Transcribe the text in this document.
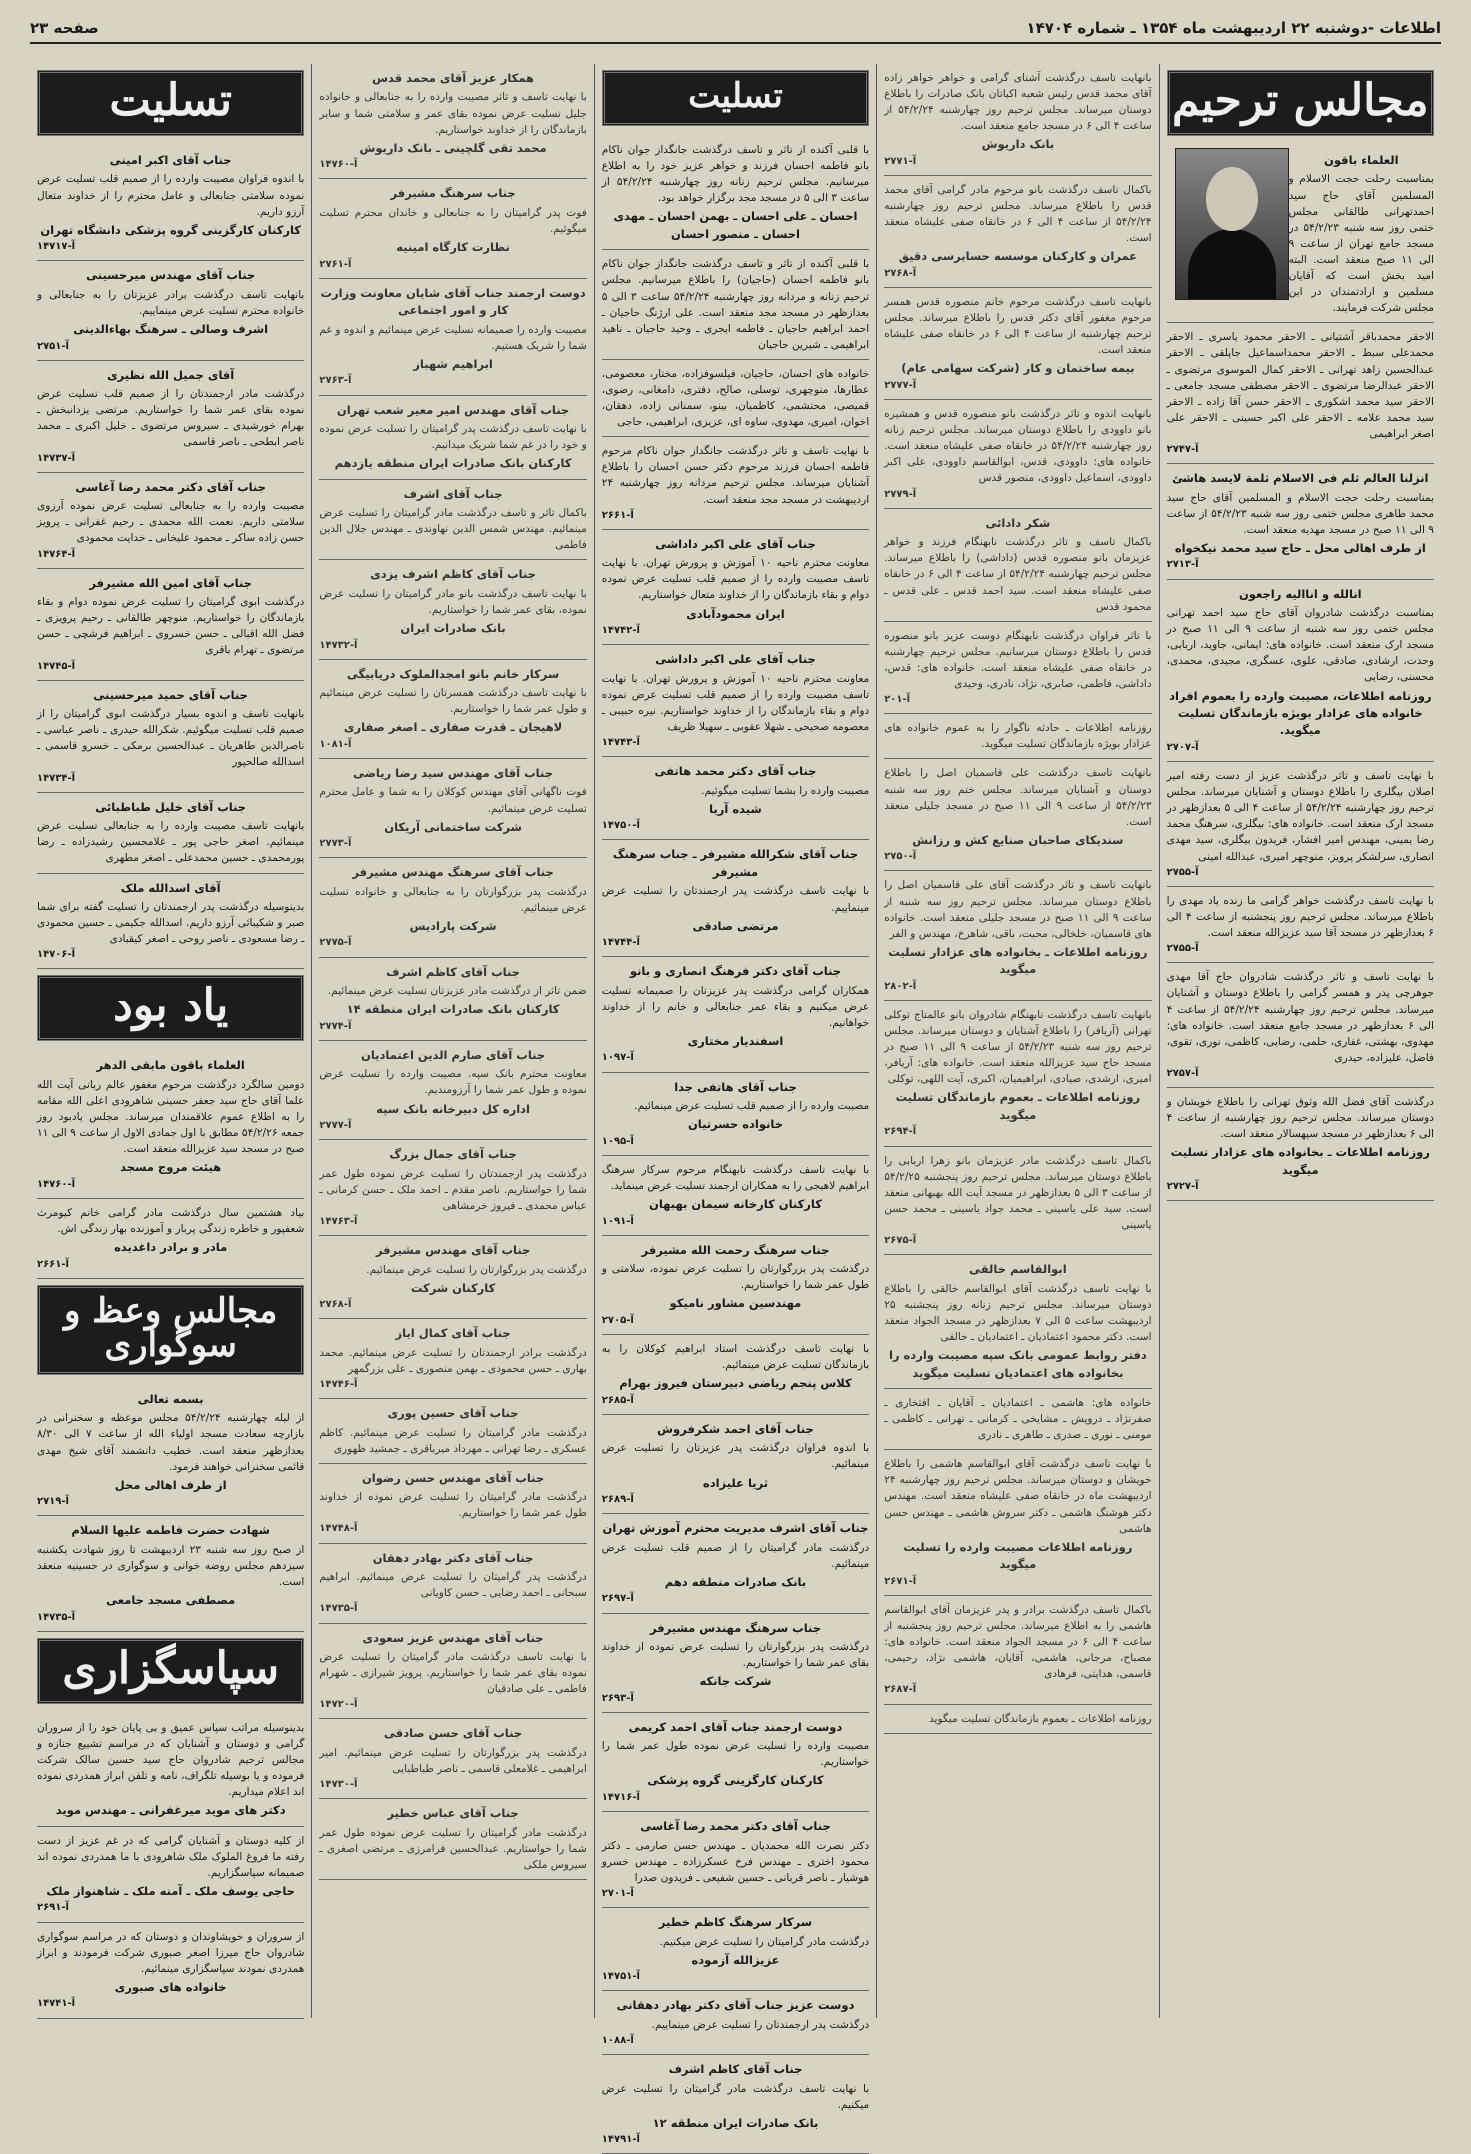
اطلاعات -دوشنبه ۲۲ اردیبهشت ماه ۱۳۵۴ ـ شماره ۱۴۷۰۴
صفحه ۲۳
مجالس ترحیم
العلماء باقون

بمناسبت رحلت حجت الاسلام و المسلمین آقای حاج سید احمدتهرانی طالقانی مجلس ختمی روز سه شنبه ۵۴/۲/۲۳ در مسجد جامع تهران از ساعت ۹ الی ۱۱ صبح منعقد است. البته امید بخش است که آقایان مسلمین و ارادتمندان در این مجلس شرکت فرمایند.

الاحقر محمدباقر آشتیانی ـ الاحقر محمود یاسری ـ الاحقر محمدعلی سبط ـ الاحقر محمداسماعیل جاپلقی ـ الاحقر عبدالحسین زاهد تهرانی ـ الاحقر کمال الموسوی مرتضوی ـ الاحقر عبدالرضا مرتضوی ـ الاحقر مصطفی مسجد جامعی ـ الاحقر سید محمد اشکوری ـ الاحقر حسن آقا زاده ـ الاحقر سید محمد علامه ـ الاحقر علی اکبر حسینی ـ الاحقر علی اصغر ابراهیمی

آ-۲۷۴۷
انزلنا العالم ثلم فی الاسلام ثلمة لایسد هاشئ

بمناسبت رحلت حجت الاسلام و المسلمین آقای حاج سید محمد طاهری مجلس ختمی روز سه شنبه ۵۴/۲/۲۳ از ساعت ۹ الی ۱۱ صبح در مسجد مهدیه منعقد است.

از طرف اهالی محل ـ حاج سید محمد نیکخواه
آ-۲۷۱۳
انالله و اناالیه راجعون

بمناسبت درگذشت شادروان آقای حاج سید احمد تهرانی مجلس ختمی روز سه شنبه از ساعت ۹ الی ۱۱ صبح در مسجد ارک منعقد است. خانواده های: ایمانی، جاوید، اربابی، وحدت، ارشادی، صادقی، علوی، عسگری، مجیدی، محمدی، محسنی، رضایی

روزنامه اطلاعات، مصیبت وارده را بعموم افراد خانواده های عزادار بویژه بازماندگان تسلیت میگوید.
آ-۲۷۰۷

با نهایت تاسف و تاثر درگذشت عزیز از دست رفته امیر اصلان بیگلری را باطلاع دوستان و آشنایان میرساند. مجلس ترحیم روز چهارشنبه ۵۴/۲/۲۴ از ساعت ۴ الی ۵ بعدازظهر در مسجد ارک منعقد است. خانواده های: بیگلری، سرهنگ محمد رضا یمینی، مهندس امیر افشار، فریدون بیگلری، سید مهدی انصاری، سرلشکر پرویز، منوچهر امیری، عبدالله امینی

آ-۲۷۵۵

با نهایت تاسف درگذشت خواهر گرامی ما زنده یاد مهدی را باطلاع میرساند. مجلس ترحیم روز پنجشنبه از ساعت ۴ الی ۶ بعدازظهر در مسجد آقا سید عزیزالله منعقد است.

آ-۲۷۵۵

با نهایت تاسف و تاثر درگذشت شادروان حاج آقا مهدی جوهرچی پدر و همسر گرامی را باطلاع دوستان و آشنایان میرساند. مجلس ترحیم روز چهارشنبه ۵۴/۲/۲۴ از ساعت ۴ الی ۶ بعدازظهر در مسجد جامع منعقد است. خانواده های: مهدوی، بهشتی، غفاری، حلمی، رضایی، کاظمی، نوری، تقوی، فاضل، علیزاده، حیدری

آ-۲۷۵۷

درگذشت آقای فضل الله وثوق تهرانی را باطلاع خویشان و دوستان میرساند. مجلس ترحیم روز چهارشنبه از ساعت ۴ الی ۶ بعدازظهر در مسجد سپهسالار منعقد است.

روزنامه اطلاعات ـ بخانواده های عزادار تسلیت میگوید
آ-۲۷۲۷

بانهایت تاسف درگذشت آشنای گرامی و خواهر خواهر زاده آقای محمد قدس رئیس شعبه اکباتان بانک صادرات را باطلاع دوستان میرساند. مجلس ترحیم روز چهارشنبه ۵۴/۲/۲۴ از ساعت ۴ الی ۶ در مسجد جامع منعقد است.

بانک داریوش
آ-۲۷۷۱

باکمال تاسف درگذشت بانو مرحوم مادر گرامی آقای محمد قدس را باطلاع میرساند. مجلس ترحیم روز چهارشنبه ۵۴/۲/۲۴ از ساعت ۴ الی ۶ در خانقاه صفی علیشاه منعقد است.

عمران و کارکنان موسسه حسابرسی دقیق
آ-۲۷۶۸

بانهایت تاسف درگذشت مرحوم خانم منصوره قدس همسر مرحوم مغفور آقای دکتر قدس را باطلاع میرساند. مجلس ترحیم چهارشنبه از ساعت ۴ الی ۶ در خانقاه صفی علیشاه منعقد است.

بیمه ساختمان و کار (شرکت سهامی عام)
آ-۲۷۷۷

بانهایت اندوه و تاثر درگذشت بانو منصوره قدس و همشیره بانو داوودی را باطلاع دوستان میرساند. مجلس ترحیم زنانه روز چهارشنبه ۵۴/۲/۲۴ در خانقاه صفی علیشاه منعقد است. خانواده های: داوودی، قدس، ابوالقاسم داوودی، علی اکبر داوودی، اسماعیل داوودی، منصور قدس

آ-۲۷۷۹
شکر دادائی

باکمال تاسف و تاثر درگذشت نابهنگام فرزند و خواهر عزیزمان بانو منصوره قدس (داداشی) را باطلاع میرساند. مجلس ترحیم چهارشنبه ۵۴/۲/۲۴ از ساعت ۴ الی ۶ در خانقاه صفی علیشاه منعقد است. سید احمد قدس ـ علی قدس ـ محمود قدس

با تاثر فراوان درگذشت نابهنگام دوست عزیز بانو منصوره قدس را باطلاع دوستان میرسانیم. مجلس ترحیم چهارشنبه در خانقاه صفی علیشاه منعقد است. خانواده های: قدس، داداشی، فاطمی، صابری، نژاد، نادری، وحیدی

آ-۲۰۱

روزنامه اطلاعات ـ حادثه ناگوار را به عموم خانواده های عزادار بویژه بازماندگان تسلیت میگوید.

بانهایت تاسف درگذشت علی قاسمیان اصل را باطلاع دوستان و آشنایان میرساند. مجلس ختم روز سه شنبه ۵۴/۲/۲۳ از ساعت ۹ الی ۱۱ صبح در مسجد جلیلی منعقد است.

سندیکای صاحبان صنایع کش و رزانش
آ-۲۷۵۰

بانهایت تاسف و تاثر درگذشت آقای علی قاسمیان اصل را باطلاع دوستان میرساند. مجلس ترحیم روز سه شنبه از ساعت ۹ الی ۱۱ صبح در مسجد جلیلی منعقد است. خانواده های قاسمیان، خلخالی، محبت، باقی، شاهرخ، مهندس و الفر

روزنامه اطلاعات ـ بخانواده های عزادار تسلیت میگوید
آ-۲۸۰۲

بانهایت تاسف درگذشت نابهنگام شادروان بانو عالمتاج توکلی تهرانی (آریافر) را باطلاع آشنایان و دوستان میرساند. مجلس ترحیم روز سه شنبه ۵۴/۲/۲۳ از ساعت ۹ الی ۱۱ صبح در مسجد حاج سید عزیزالله منعقد است. خانواده های: آریافر، امیری، ارشدی، صیادی، ابراهیمیان، اکبری، آیت اللهی، توکلی

روزنامه اطلاعات ـ بعموم بازماندگان تسلیت میگوید
آ-۲۶۹۴

باکمال تاسف درگذشت مادر عزیزمان بانو زهرا اربابی را باطلاع دوستان میرساند. مجلس ترحیم روز پنجشنبه ۵۴/۲/۲۵ از ساعت ۳ الی ۵ بعدازظهر در مسجد آیت الله بهبهانی منعقد است. سید علی یاسینی ـ محمد جواد یاسینی ـ محمد حسن یاسینی

آ-۲۶۷۵
ابوالقاسم خالقی

با نهایت تاسف درگذشت آقای ابوالقاسم خالقی را باطلاع دوستان میرساند. مجلس ترحیم زنانه روز پنجشنبه ۲۵ اردیبهشت ساعت ۵ الی ۷ بعدازظهر در مسجد الجواد منعقد است. دکتر محمود اعتمادیان ـ اعتمادیان ـ خالقی

دفتر روابط عمومی بانک سپه مصیبت وارده را بخانواده های اعتمادیان تسلیت میگوید

خانواده های: هاشمی ـ اعتمادیان ـ آقایان ـ افتخاری ـ صفرنژاد ـ درویش ـ مشایخی ـ کرمانی ـ تهرانی ـ کاظمی ـ مومنی ـ نوری ـ صدری ـ طاهری ـ نادری

با نهایت تاسف درگذشت آقای ابوالقاسم هاشمی را باطلاع خویشان و دوستان میرساند. مجلس ترحیم روز چهارشنبه ۲۴ اردیبهشت ماه در خانقاه صفی علیشاه منعقد است. مهندس دکتر هوشنگ هاشمی ـ دکتر سروش هاشمی ـ مهندس حسن هاشمی

روزنامه اطلاعات مصیبت وارده را تسلیت میگوید
آ-۲۶۷۱

باکمال تاسف درگذشت برادر و پدر عزیزمان آقای ابوالقاسم هاشمی را به اطلاع میرساند. مجلس ترحیم روز پنجشنبه از ساعت ۴ الی ۶ در مسجد الجواد منعقد است. خانواده های: مصباح، مرجانی، هاشمی، آقایان، هاشمی نژاد، رحیمی، قاسمی، هدایتی، فرهادی

آ-۲۶۸۷

روزنامه اطلاعات ـ بعموم بازماندگان تسلیت میگوید

تسلیت

با قلبی آکنده از تاثر و تاسف درگذشت جانگداز جوان ناکام بانو فاطمه احسان فرزند و خواهر عزیز خود را به اطلاع میرسانیم. مجلس ترحیم زنانه روز چهارشنبه ۵۴/۲/۲۴ از ساعت ۳ الی ۵ در مسجد مجد برگزار خواهد بود.

احسان ـ علی احسان ـ بهمن احسان ـ مهدی احسان ـ منصور احسان

با قلبی آکنده از تاثر و تاسف درگذشت جانگداز جوان ناکام بانو فاطمه احسان (حاجیان) را باطلاع میرسانیم. مجلس ترحیم زنانه و مردانه روز چهارشنبه ۵۴/۲/۲۴ ساعت ۳ الی ۵ بعدازظهر در مسجد مجد منعقد است. علی ارژنگ حاجیان ـ احمد ابراهیم حاجیان ـ فاطمه ایجری ـ وحید حاجیان ـ ناهید ابراهیمی ـ شیرین حاجیان

خانواده های احسان، حاجیان، فیلسوفزاده، مختار، معصومی، عطارها، منوچهری، توسلی، صالح، دفتری، دامغانی، رضوی، قمیصی، محتشمی، کاظمیان، بینو، سمنانی زاده، دهقان، اخوان، امیری، مهدوی، ساوه ای، عزیزی، ابراهیمی، حاجی

با نهایت تاسف و تاثر درگذشت جانگداز جوان ناکام مرحوم فاطمه احسان فرزند مرحوم دکتر حسن احسان را باطلاع آشنایان میرساند. مجلس ترحیم مردانه روز چهارشنبه ۲۴ اردیبهشت در مسجد مجد منعقد است.

آ-۲۶۶۱
جناب آقای علی اکبر داداشی

معاونت محترم ناحیه ۱۰ آموزش و پرورش تهران. با نهایت تاسف مصیبت وارده را از صمیم قلب تسلیت عرض نموده دوام و بقاء بازماندگان را از خداوند متعال خواستاریم.

ایران محمودآبادی
آ-۱۴۷۴۲
جناب آقای علی اکبر داداشی

معاونت محترم ناحیه ۱۰ آموزش و پرورش تهران. با نهایت تاسف مصیبت وارده را از صمیم قلب تسلیت عرض نموده دوام و بقاء بازماندگان را از خداوند خواستاریم. نیره حبیبی ـ معصومه صحیحی ـ شهلا عقوبی ـ سهیلا ظریف

آ-۱۴۷۴۳
جناب آقای دکتر محمد هاتفی

مصیبت وارده را بشما تسلیت میگوئیم.

شیده آریا
آ-۱۴۷۵۰
جناب آقای شکرالله مشیرفر ـ جناب سرهنگ مشیرفر

با نهایت تاسف درگذشت پدر ارجمندتان را تسلیت عرض مینماییم.

مرتضی صادقی
آ-۱۴۷۴۴
جناب آقای دکتر فرهنگ انصاری و بانو

همکاران گرامی درگذشت پدر عزیزتان را صمیمانه تسلیت عرض میکنیم و بقاء عمر جنابعالی و خانم را از خداوند خواهانیم.

اسفندیار مختاری
آ-۱۰۹۷
جناب آقای هاتفی جدا

مصیبت وارده را از صمیم قلب تسلیت عرض مینمائیم.

خانواده حسرتیان
آ-۱۰۹۵

با نهایت تاسف درگذشت نابهنگام مرحوم سرکار سرهنگ ابراهیم لاهیجی را به همکاران ارجمند تسلیت عرض مینماید.

کارکنان کارخانه سیمان بهبهان
آ-۱۰۹۱
جناب سرهنگ رحمت الله مشیرفر

درگذشت پدر بزرگوارتان را تسلیت عرض نموده، سلامتی و طول عمر شما را خواستاریم.

مهندسین مشاور نامیکو
آ-۲۷۰۵

با نهایت تاسف درگذشت استاد ابراهیم کوکلان را به بازماندگان تسلیت عرض مینمائیم.

کلاس پنجم ریاضی دبیرستان فیروز بهرام
آ-۲۶۸۵
جناب آقای احمد شکرفروش

با اندوه فراوان درگذشت پدر عزیزتان را تسلیت عرض مینمائیم.

ثریا علیزاده
آ-۲۶۸۹
جناب آقای اشرف مدیریت محترم آموزش تهران

درگذشت مادر گرامیتان را از صمیم قلب تسلیت عرض مینمائیم.

بانک صادرات منطقه دهم
آ-۲۶۹۷
جناب سرهنگ مهندس مشیرفر

درگذشت پدر بزرگوارتان را تسلیت عرض نموده از خداوند بقای عمر شما را خواستاریم.

شرکت جانکه
آ-۲۶۹۳
دوست ارجمند جناب آقای احمد کریمی

مصیبت وارده را تسلیت عرض نموده طول عمر شما را خواستاریم.

کارکنان کارگزینی گروه پزشکی
آ-۱۴۷۱۶
جناب آقای دکتر محمد رضا آغاسی

دکتر نصرت الله محمدیان ـ مهندس حسن صارمی ـ دکتر محمود اختری ـ مهندس فرخ عسکرزاده ـ مهندس خسرو هوشیار ـ ناصر قربانی ـ حسین شفیعی ـ فریدون صدرا

آ-۲۷۰۱
سرکار سرهنگ کاظم خطیر

درگذشت مادر گرامیتان را تسلیت عرض میکنیم.

عزیزالله آزموده
آ-۱۴۷۵۱
دوست عزیز جناب آقای دکتر بهادر دهقانی

درگذشت پدر ارجمندتان را تسلیت عرض مینماییم.

آ-۱۰۸۸
جناب آقای کاظم اشرف

با نهایت تاسف درگذشت مادر گرامیتان را تسلیت عرض میکنیم.

بانک صادرات ایران منطقه ۱۲
آ-۱۴۷۹۱
همکار عزیز آقای محمد قدس

با نهایت تاسف و تاثر مصیبت وارده را به جنابعالی و خانواده جلیل تسلیت عرض نموده بقای عمر و سلامتی شما و سایر بازماندگان را از خداوند خواستاریم.

محمد تقی گلچینی ـ بانک داریوش
آ-۱۴۷۶۰
جناب سرهنگ مشیرفر

فوت پدر گرامیتان را به جنابعالی و خاندان محترم تسلیت میگوئیم.

نظارت کارگاه امینیه
آ-۲۷۶۱
دوست ارجمند جناب آقای شایان معاونت وزارت کار و امور اجتماعی

مصیبت وارده را صمیمانه تسلیت عرض مینمائیم و اندوه و غم شما را شریک هستیم.

ابراهیم شهباز
آ-۲۷۶۳
جناب آقای مهندس امیر معیر شعب تهران

با نهایت تاسف درگذشت پدر گرامیتان را تسلیت عرض نموده و خود را در غم شما شریک میدانیم.

کارکنان بانک صادرات ایران منطقه یازدهم
جناب آقای اشرف

باکمال تاثر و تاسف درگذشت مادر گرامیتان را تسلیت عرض مینمائیم. مهندس شمس الدین نهاوندی ـ مهندس جلال الدین فاطمی

جناب آقای کاظم اشرف یزدی

با نهایت تاسف درگذشت بانو مادر گرامیتان را تسلیت عرض نموده، بقای عمر شما را خواستاریم.

بانک صادرات ایران
آ-۱۴۷۳۲
سرکار خانم بانو امجدالملوک دریابیگی

با نهایت تاسف درگذشت همسرتان را تسلیت عرض مینمائیم و طول عمر شما را خواستاریم.

لاهیجان ـ قدرت صفاری ـ اصغر صفاری
آ-۱۰۸۱
جناب آقای مهندس سید رضا ریاضی

فوت ناگهانی آقای مهندس کوکلان را به شما و عامل محترم تسلیت عرض مینمائیم.

شرکت ساختمانی آریکان
آ-۲۷۷۳
جناب آقای سرهنگ مهندس مشیرفر

درگذشت پدر بزرگوارتان را به جنابعالی و خانواده تسلیت عرض مینمائیم.

شرکت پارادیس
آ-۲۷۷۵
جناب آقای کاظم اشرف

ضمن تاثر از درگذشت مادر عزیزتان تسلیت عرض مینمائیم.

کارکنان بانک صادرات ایران منطقه ۱۴
آ-۲۷۷۴
جناب آقای صارم الدین اعتمادیان

معاونت محترم بانک سپه. مصیبت وارده را تسلیت عرض نموده و طول عمر شما را آرزومندیم.

اداره کل دبیرخانه بانک سپه
آ-۲۷۷۷
جناب آقای جمال بزرگ

درگذشت پدر ارجمندتان را تسلیت عرض نموده طول عمر شما را خواستاریم. ناصر مقدم ـ احمد ملک ـ حسن کرمانی ـ عباس محمدی ـ فیروز خرمشاهی

آ-۱۴۷۶۳
جناب آقای مهندس مشیرفر

درگذشت پدر بزرگوارتان را تسلیت عرض مینمائیم.

کارکنان شرکت
آ-۲۷۶۸
جناب آقای کمال ایاز

درگذشت برادر ارجمندتان را تسلیت عرض مینمائیم. محمد بهاری ـ حسن محمودی ـ بهمن منصوری ـ علی بزرگمهر

آ-۱۴۷۴۶
جناب آقای حسین پوری

درگذشت مادر گرامیتان را تسلیت عرض مینمائیم. کاظم عسکری ـ رضا تهرانی ـ مهرداد میرباقری ـ جمشید ظهوری

جناب آقای مهندس حسن رضوان

درگذشت مادر گرامیتان را تسلیت عرض نموده از خداوند طول عمر شما را خواستاریم.

آ-۱۴۷۴۸
جناب آقای دکتر بهادر دهقان

درگذشت پدر گرامیتان را تسلیت عرض مینمائیم. ابراهیم سبحانی ـ احمد رضایی ـ حسن کاویانی

آ-۱۴۷۳۵
جناب آقای مهندس عزیز سعودی

با نهایت تاسف درگذشت مادر گرامیتان را تسلیت عرض نموده بقای عمر شما را خواستاریم. پرویز شیرازی ـ شهرام فاطمی ـ علی صادقیان

آ-۱۴۷۲۰
جناب آقای حسن صادقی

درگذشت پدر بزرگوارتان را تسلیت عرض مینمائیم. امیر ابراهیمی ـ غلامعلی قاسمی ـ ناصر طباطبایی

آ-۱۴۷۳۰
جناب آقای عباس خطیر

درگذشت مادر گرامیتان را تسلیت عرض نموده طول عمر شما را خواستاریم. عبدالحسین فرامرزی ـ مرتضی اصغری ـ سیروس ملکی

تسلیت
جناب آقای اکبر امینی

با اندوه فراوان مصیبت وارده را از صمیم قلب تسلیت عرض نموده سلامتی جنابعالی و عامل محترم را از خداوند متعال آرزو داریم.

کارکنان کارگزینی گروه پزشکی دانشگاه تهران
آ-۱۴۷۱۷
جناب آقای مهندس میرحسینی

بانهایت تاسف درگذشت برادر عزیزتان را به جنابعالی و خانواده محترم تسلیت عرض مینماییم.

اشرف وصالی ـ سرهنگ بهاءالدینی
آ-۲۷۵۱
آقای جمیل الله نظیری

درگذشت مادر ارجمندتان را از صمیم قلب تسلیت عرض نموده بقای عمر شما را خواستاریم. مرتضی یزدانبخش ـ بهرام خورشیدی ـ سیروس مرتضوی ـ خلیل اکبری ـ محمد ناصر ابطحی ـ ناصر قاسمی

آ-۱۴۷۳۷
جناب آقای دکتر محمد رضا آغاسی

مصیبت وارده را به جنابعالی تسلیت عرض نموده آرزوی سلامتی داریم. نعمت الله محمدی ـ رحیم غفرانی ـ پرویز حسن زاده ساکر ـ محمود علیخانی ـ خدایت محمودی

آ-۱۴۷۶۴
جناب آقای امین الله مشیرفر

درگذشت ابوی گرامیتان را تسلیت عرض نموده دوام و بقاء بازماندگان را خواستاریم. منوچهر طالقانی ـ رحیم پرویزی ـ فضل الله اقبالی ـ حسن خسروی ـ ابراهیم فرشچی ـ حسن مرتضوی ـ تهرام باقری

آ-۱۴۷۴۵
جناب آقای حمید میرحسینی

بانهایت تاسف و اندوه بسیار درگذشت ابوی گرامیتان را از صمیم قلب تسلیت میگوئیم. شکرالله حیدری ـ ناصر عباسی ـ ناصرالدین طاهریان ـ عبدالحسین برمکی ـ خسرو قاسمی ـ اسدالله صالحپور

آ-۱۴۷۳۴
جناب آقای خلیل طباطبائی

بانهایت تاسف مصیبت وارده را به جنابعالی تسلیت عرض مینمائیم. اصغر حاجی پور ـ غلامحسین رشیدزاده ـ رضا پورمحمدی ـ حسین محمدعلی ـ اصغر مطهری

آقای اسدالله ملک

بدینوسیله درگذشت پدر ارجمندتان را تسلیت گفته برای شما صبر و شکیبائی آرزو داریم. اسدالله جکیمی ـ حسین محمودی ـ رضا مسعودی ـ ناصر روحی ـ اصغر کیقبادی

آ-۱۴۷۰۶
یاد بود
العلماء باقون مابقی الدهر

دومین سالگرد درگذشت مرحوم مغفور عالم ربانی آیت الله علما آقای حاج سید جعفر حسینی شاهرودی اعلی الله مقامه را به اطلاع عموم علاقمندان میرساند. مجلس یادبود روز جمعه ۵۴/۲/۲۶ مطابق با اول جمادی الاول از ساعت ۹ الی ۱۱ صبح در مسجد سید عزیزالله منعقد است.

هیئت مروج مسجد
آ-۱۴۷۶۰

بیاد هشتمین سال درگذشت مادر گرامی خانم کیومرث شعفپور و خاطره زندگی پربار و آموزنده بهار زندگی اش.

مادر و برادر داغدیده
آ-۲۶۶۱
مجالس وعظ و سوگواری
بسمه تعالی

از لیله چهارشنبه ۵۴/۲/۲۴ مجلس موعظه و سخنرانی در بازارچه سعادت مسجد اولیاء الله از ساعت ۷ الی ۸/۳۰ بعدازظهر منعقد است. خطیب دانشمند آقای شیخ مهدی قائمی سخنرانی خواهند فرمود.

از طرف اهالی محل
آ-۲۷۱۹
شهادت حضرت فاطمه علیها السلام

از صبح روز سه شنبه ۲۳ اردیبهشت تا روز شهادت یکشنبه سیزدهم مجلس روضه خوانی و سوگواری در حسینیه منعقد است.

مصطفی مسجد جامعی
آ-۱۴۷۳۵
سپاسگزاری

بدینوسیله مراتب سپاس عمیق و بی پایان خود را از سروران گرامی و دوستان و آشنایان که در مراسم تشییع جنازه و مجالس ترحیم شادروان حاج سید حسین سالک شرکت فرموده و یا بوسیله تلگراف، نامه و تلفن ابراز همدردی نموده اند اعلام میداریم.

دکتر های موید میرغفرانی ـ مهندس موید

از کلیه دوستان و آشنایان گرامی که در غم عزیز از دست رفته ما فروغ الملوک ملک شاهرودی با ما همدردی نموده اند صمیمانه سپاسگزاریم.

حاجی یوسف ملک ـ آمنه ملک ـ شاهنواز ملک
آ-۲۶۹۱

از سروران و خویشاوندان و دوستان که در مراسم سوگواری شادروان حاج میرزا اصغر صبوری شرکت فرمودند و ابراز همدردی نمودند سپاسگزاری مینمائیم.

خانواده های صبوری
آ-۱۴۷۴۱
